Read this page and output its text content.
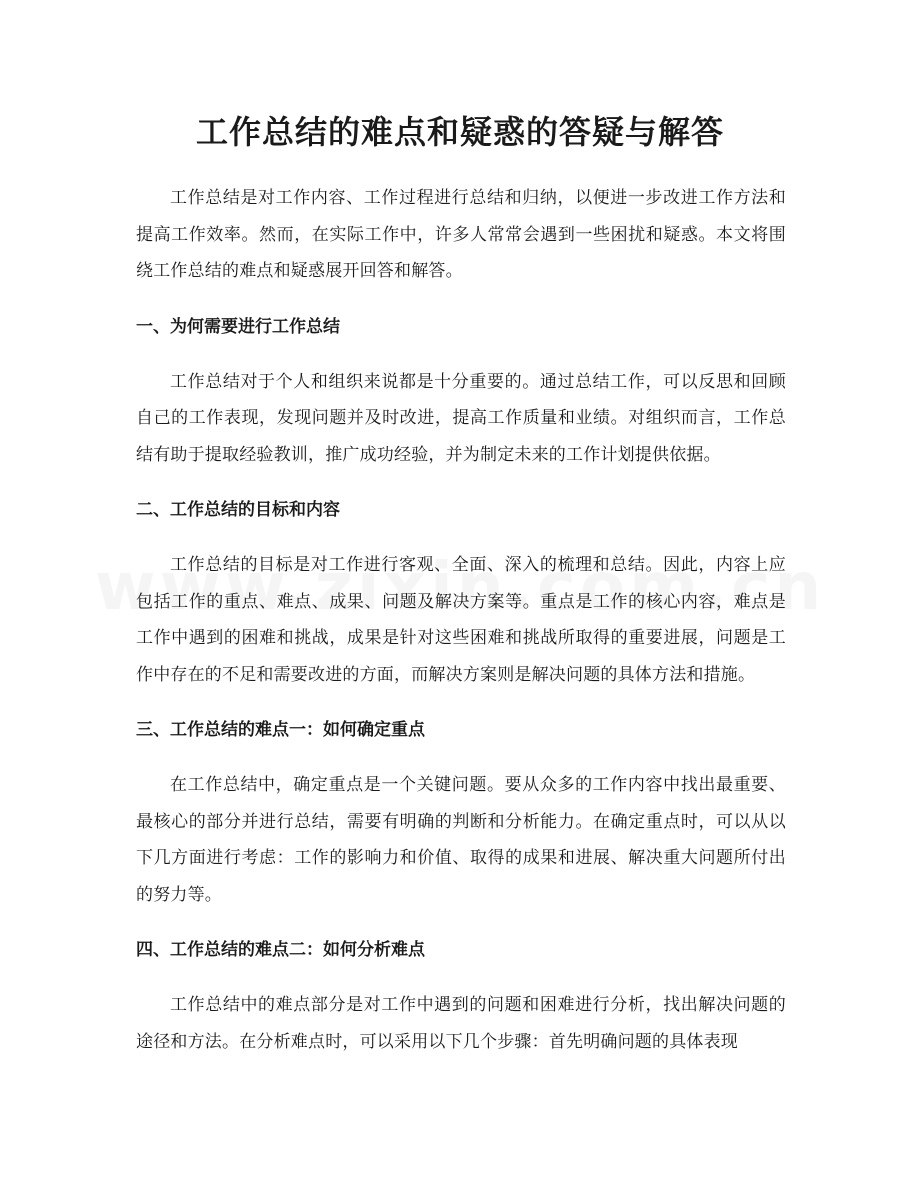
工作总结的难点和疑惑的答疑与解答

工作总结是对工作内容、工作过程进行总结和归纳，以便进一步改进工作方法和提高工作效率。然而，在实际工作中，许多人常常会遇到一些困扰和疑惑。本文将围绕工作总结的难点和疑惑展开回答和解答。

一、为何需要进行工作总结

工作总结对于个人和组织来说都是十分重要的。通过总结工作，可以反思和回顾自己的工作表现，发现问题并及时改进，提高工作质量和业绩。对组织而言，工作总结有助于提取经验教训，推广成功经验，并为制定未来的工作计划提供依据。

二、工作总结的目标和内容

工作总结的目标是对工作进行客观、全面、深入的梳理和总结。因此，内容上应包括工作的重点、难点、成果、问题及解决方案等。重点是工作的核心内容，难点是工作中遇到的困难和挑战，成果是针对这些困难和挑战所取得的重要进展，问题是工作中存在的不足和需要改进的方面，而解决方案则是解决问题的具体方法和措施。

三、工作总结的难点一：如何确定重点

在工作总结中，确定重点是一个关键问题。要从众多的工作内容中找出最重要、最核心的部分并进行总结，需要有明确的判断和分析能力。在确定重点时，可以从以下几方面进行考虑：工作的影响力和价值、取得的成果和进展、解决重大问题所付出的努力等。

四、工作总结的难点二：如何分析难点

工作总结中的难点部分是对工作中遇到的问题和困难进行分析，找出解决问题的途径和方法。在分析难点时，可以采用以下几个步骤：首先明确问题的具体表现
